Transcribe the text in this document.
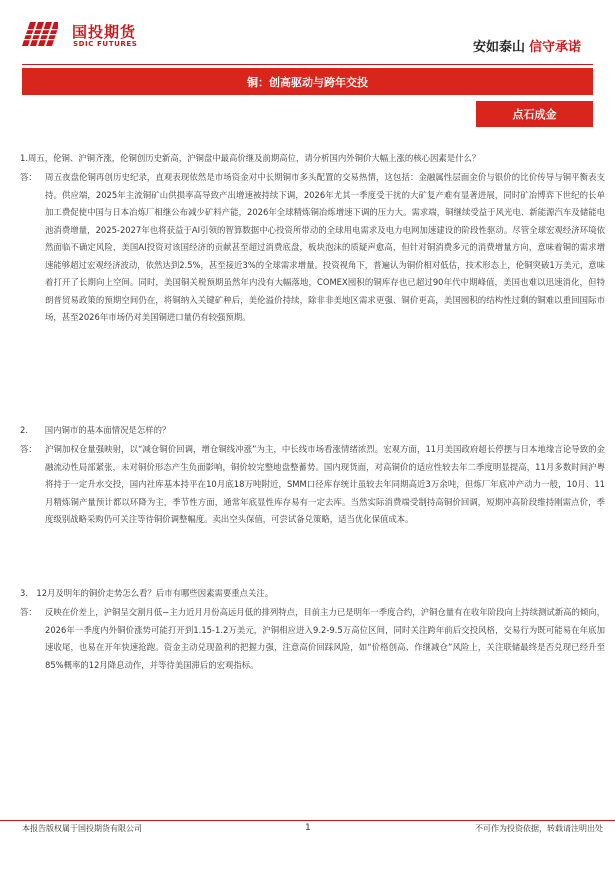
国投期货
SDIC FUTURES	安如泰山 信守承诺
铜：创高驱动与跨年交投
点石成金
1.周五，伦铜、沪铜齐涨，伦铜创历史新高，沪铜盘中最高价继及前期高位，请分析国内外铜价大幅上涨的核心因素是什么？
答： 周五夜盘伦铜再创历史纪录，直观表现依然是市场资金对中长期铜市多头配置的交易热情，这包括：金融属性层面金价与银价的比价传导与铜平衡表支持。供应端，2025年主流铜矿山供损率高导致产出增速被持续下调，2026年尤其一季度受干扰的大矿复产难有显著进展，同时矿冶博弈下世纪的长单加工费促使中国与日本冶炼厂相继公布减少矿料产能，2026年全球精炼铜冶炼增速下调的压力大。需求端，铜继续受益于风光电、新能源汽车及储能电池消费增量，2025-2027年也将获益于AI引领的智算数据中心投资所带动的全球用电需求及电力电网加速建设的阶段性驱动。尽管全球宏观经济环境依然面临不确定风险，美国AI投资对该国经济的贡献甚至超过消费底盘，板块泡沫的质疑声愈高，但针对铜消费多元的消费增量方向，意味着铜的需求增速能够超过宏观经济波动，依然达到2.5%，甚至接近3%的全球需求增量。投资视角下，普遍认为铜价相对低估，技术形态上，伦铜突破1万美元，意味着打开了长期向上空间。同时，美国铜关税预期虽然年内没有大幅落地，COMEX囤积的铜库存也已超过90年代中期峰值，美国也难以迅速消化，但特朗普贸易政策的预期空间仍在，将铜纳入关键矿种后，美伦溢价持续，除非非美地区需求更强、铜价更高，美国囤积的结构性过剩的铜难以重回国际市场，甚至2026年市场仍对美国铜进口量仍有较强预期。
2.　　国内铜市的基本面情况是怎样的？
答： 沪铜加权仓量强映射，以“减仓铜价回调，增仓铜线冲涨”为主，中长线市场看涨情绪浓烈。宏观方面，11月美国政府超长停摆与日本地缘言论导致的金融流动性局部紧张，未对铜价形态产生负面影响，铜价较完整地盘整蓄势。国内现货面，对高铜价的适应性较去年二季度明显提高，11月多数时间沪粤将持于一定升水交投，国内社库基本持平在10月底18万吨附近，SMM口径库存统计虽较去年同期高近3万余吨，但炼厂年底冲产动力一般，10月、11月精炼铜产量预计都以环降为主，季节性方面，通常年底显性库存易有一定去库。当然实际消费端受制持高铜价回调，短期冲高阶段维持刚需点价，季度级别战略采购仍可关注等待铜价调整幅度。卖出空头保值，可尝试备兑策略，适当优化保值成本。
3.　12月及明年的铜价走势怎么看？后市有哪些因素需要重点关注。
答： 反映在价差上，沪铜呈交割月低−主力近月月份高远月低的排列特点，目前主力已是明年一季度合约，沪铜仓量有在收年阶段向上持续测试新高的倾向，2026年一季度内外铜价涨势可能打开到1.15-1.2万美元，沪铜相应进入9.2-9.5万高位区间，同时关注跨年前后交投风格，交易行为既可能易在年底加速收尾，也易在开年快速抢跑。资金主动兑现盈利的把握力强，注意高价回踩风险，如“价格创高、作继减仓”风险上，关注联储最终是否兑现已经升至85%概率的12月降息动作，并等待美国滞后的宏观指标。
本报告版权属于国投期货有限公司	1	不可作为投资依据，转载请注明出处
